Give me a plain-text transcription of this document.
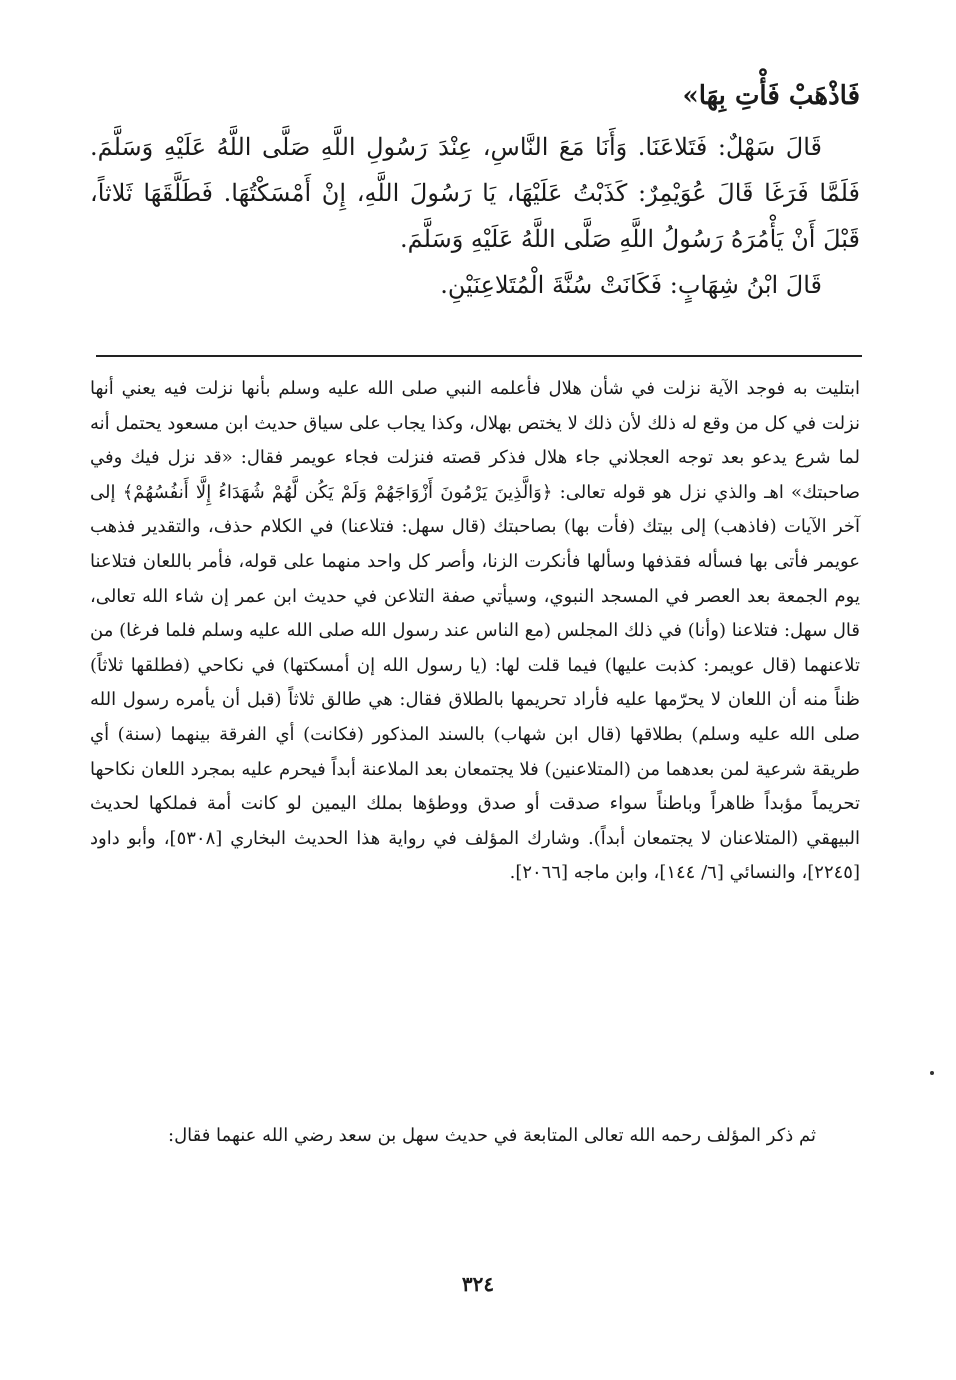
فَاذْهَبْ فَأْتِ بِهَا»

قَالَ سَهْلٌ: فَتَلاعَنَا. وَأَنَا مَعَ النَّاسِ، عِنْدَ رَسُولِ اللَّهِ صَلَّى اللَّهُ عَلَيْهِ وَسَلَّمَ. فَلَمَّا فَرَغَا قَالَ عُوَيْمِرٌ: كَذَبْتُ عَلَيْهَا، يَا رَسُولَ اللَّهِ، إِنْ أَمْسَكْتُهَا. فَطَلَّقَهَا ثَلاثاً، قَبْلَ أَنْ يَأْمُرَهُ رَسُولُ اللَّهِ صَلَّى اللَّهُ عَلَيْهِ وَسَلَّمَ.

قَالَ ابْنُ شِهَابٍ: فَكَانَتْ سُنَّةَ الْمُتَلاعِنَيْنِ.

ابتليت به فوجد الآية نزلت في شأن هلال فأعلمه النبي صلى الله عليه وسلم بأنها نزلت فيه يعني أنها نزلت في كل من وقع له ذلك لأن ذلك لا يختص بهلال، وكذا يجاب على سياق حديث ابن مسعود يحتمل أنه لما شرع يدعو بعد توجه العجلاني جاء هلال فذكر قصته فنزلت فجاء عويمر فقال: «قد نزل فيك وفي صاحبتك» اهـ والذي نزل هو قوله تعالى: ﴿وَالَّذِينَ يَرْمُونَ أَزْوَاجَهُمْ وَلَمْ يَكُن لَّهُمْ شُهَدَاءُ إِلَّا أَنفُسُهُمْ﴾ إلى آخر الآيات (فاذهب) إلى بيتك (فأت بها) بصاحبتك (قال سهل: فتلاعنا) في الكلام حذف، والتقدير فذهب عويمر فأتى بها فسأله فقذفها وسألها فأنكرت الزنا، وأصر كل واحد منهما على قوله، فأمر باللعان فتلاعنا يوم الجمعة بعد العصر في المسجد النبوي، وسيأتي صفة التلاعن في حديث ابن عمر إن شاء الله تعالى، قال سهل: فتلاعنا (وأنا) في ذلك المجلس (مع الناس عند رسول الله صلى الله عليه وسلم فلما فرغا) من تلاعنهما (قال عويمر: كذبت عليها) فيما قلت لها: (يا رسول الله إن أمسكتها) في نكاحي (فطلقها ثلاثاً) ظناً منه أن اللعان لا يحرّمها عليه فأراد تحريمها بالطلاق فقال: هي طالق ثلاثاً (قبل أن يأمره رسول الله صلى الله عليه وسلم) بطلاقها (قال ابن شهاب) بالسند المذكور (فكانت) أي الفرقة بينهما (سنة) أي طريقة شرعية لمن بعدهما من (المتلاعنين) فلا يجتمعان بعد الملاعنة أبداً فيحرم عليه بمجرد اللعان نكاحها تحريماً مؤبداً ظاهراً وباطناً سواء صدقت أو صدق ووطؤها بملك اليمين لو كانت أمة فملكها لحديث البيهقي (المتلاعنان لا يجتمعان أبداً). وشارك المؤلف في رواية هذا الحديث البخاري [٥٣٠٨]، وأبو داود [٢٢٤٥]، والنسائي [٦/ ١٤٤]، وابن ماجه [٢٠٦٦].

ثم ذكر المؤلف رحمه الله تعالى المتابعة في حديث سهل بن سعد رضي الله عنهما فقال:

٣٢٤
